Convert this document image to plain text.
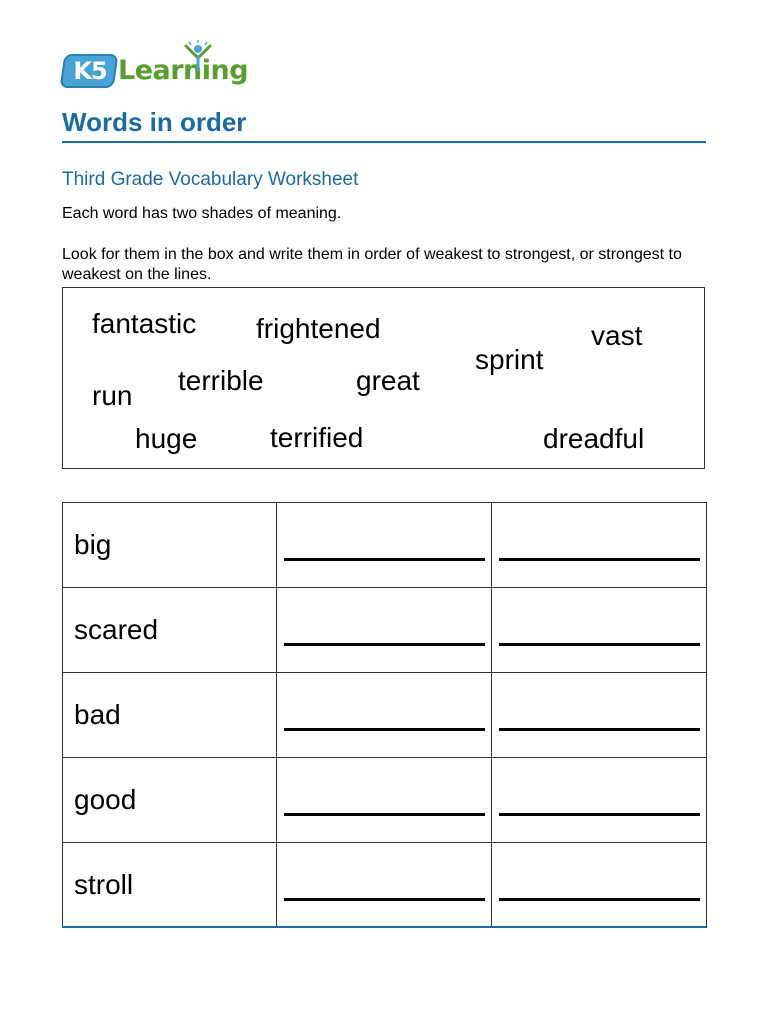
K5 Learning
Words in order
Third Grade Vocabulary Worksheet
Each word has two shades of meaning.
Look for them in the box and write them in order of weakest to strongest, or strongest to weakest on the lines.
fantastic frightened	vast
sprint
run terrible	great
huge	terrified	dreadful
big	

scared	

bad	

good	

stroll	
